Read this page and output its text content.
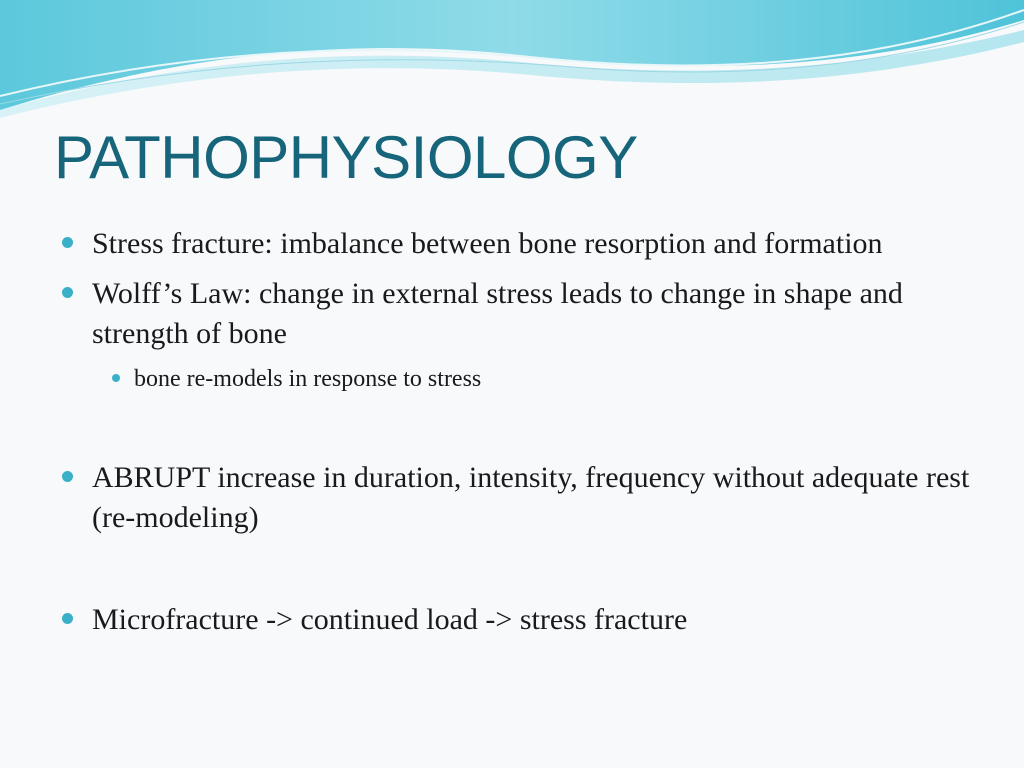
PATHOPHYSIOLOGY
Stress fracture: imbalance between bone resorption and formation
Wolff’s Law: change in external stress leads to change in shape and strength of bone
bone re-models in response to stress
ABRUPT increase in duration, intensity, frequency without adequate rest (re-modeling)
Microfracture -> continued load -> stress fracture
